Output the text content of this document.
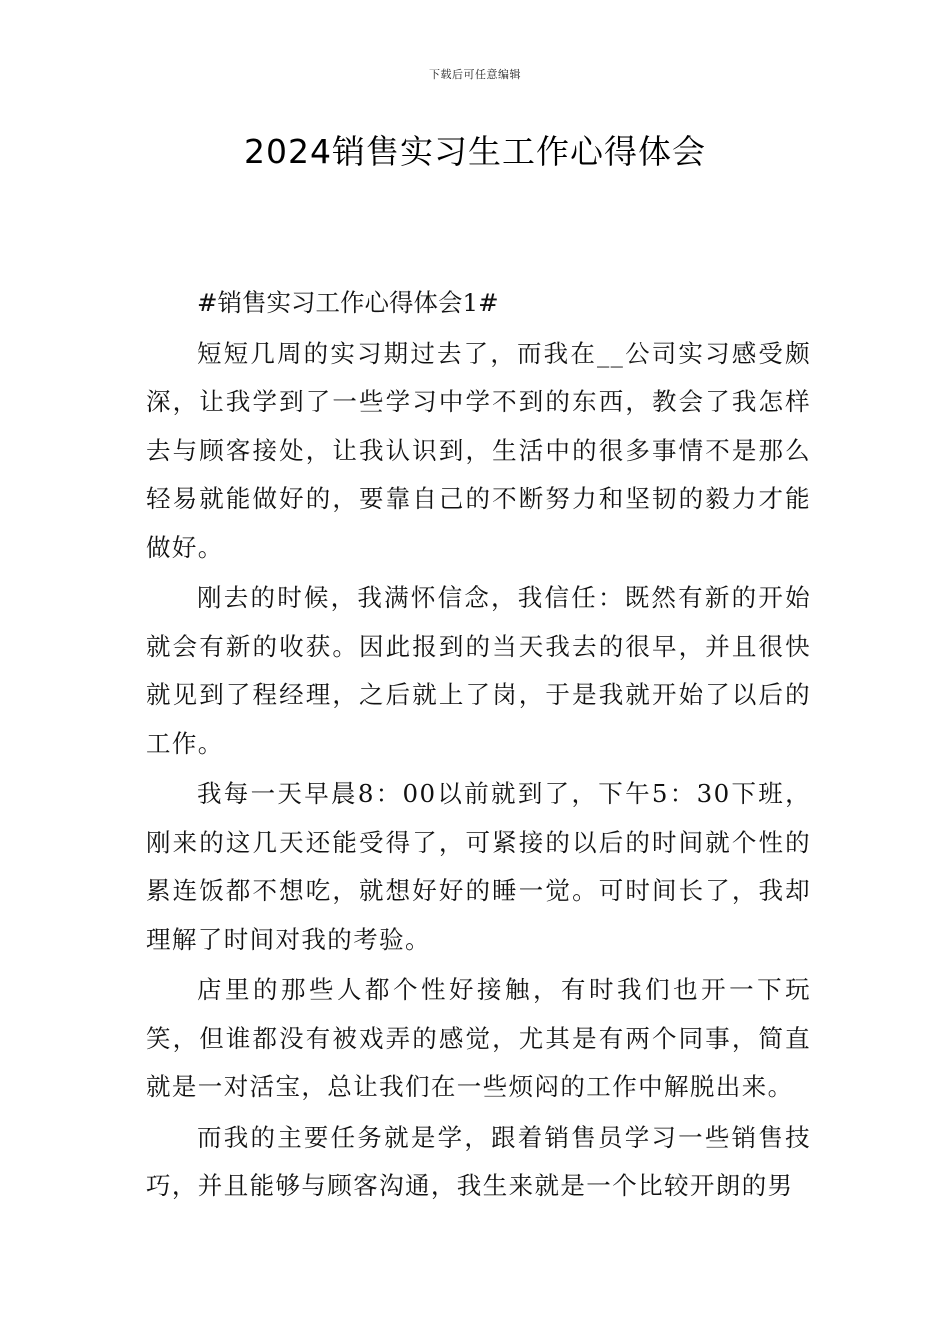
下载后可任意编辑
2024销售实习生工作心得体会

#销售实习工作心得体会1#

短短几周的实习期过去了，而我在__公司实习感受颇深，让我学到了一些学习中学不到的东西，教会了我怎样去与顾客接处，让我认识到，生活中的很多事情不是那么轻易就能做好的，要靠自己的不断努力和坚韧的毅力才能做好。

刚去的时候，我满怀信念，我信任：既然有新的开始就会有新的收获。因此报到的当天我去的很早，并且很快就见到了程经理，之后就上了岗，于是我就开始了以后的工作。

我每一天早晨8：00以前就到了，下午5：30下班，刚来的这几天还能受得了，可紧接的以后的时间就个性的累连饭都不想吃，就想好好的睡一觉。可时间长了，我却理解了时间对我的考验。

店里的那些人都个性好接触，有时我们也开一下玩笑，但谁都没有被戏弄的感觉，尤其是有两个同事，简直就是一对活宝，总让我们在一些烦闷的工作中解脱出来。

而我的主要任务就是学，跟着销售员学习一些销售技巧，并且能够与顾客沟通，我生来就是一个比较开朗的男
